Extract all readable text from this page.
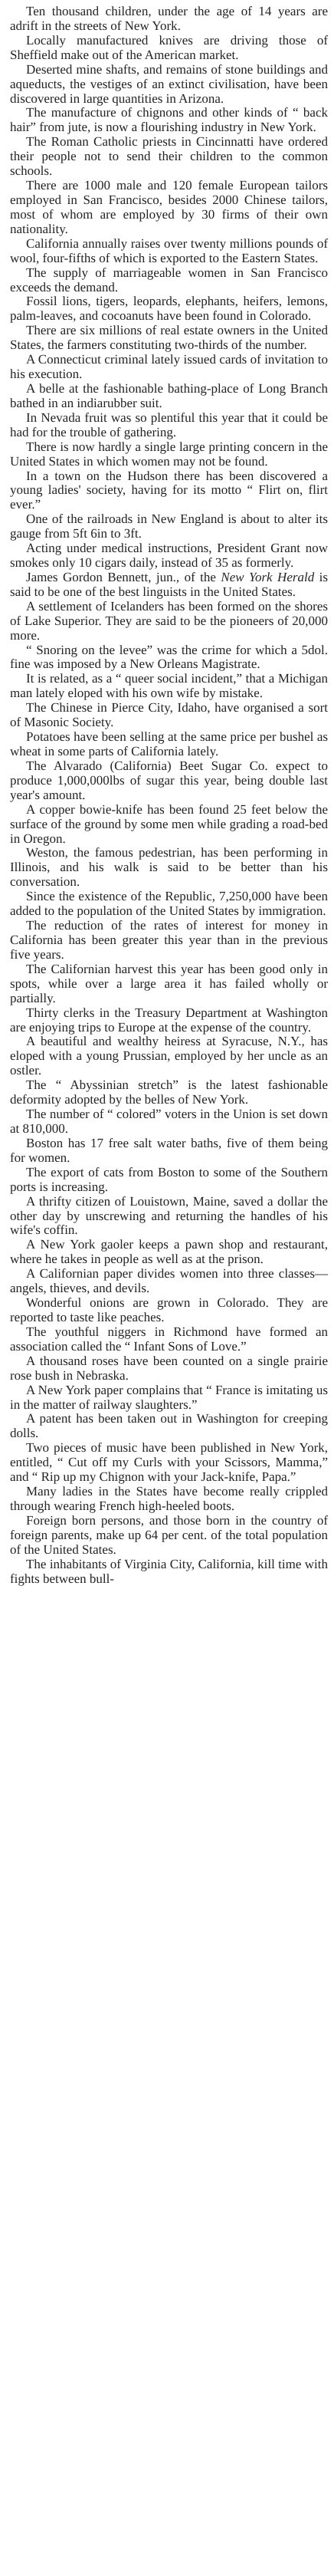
Ten thousand children, under the age of 14 years are adrift in the streets of New York.

Locally manufactured knives are driving those of Sheffield make out of the American market.

Deserted mine shafts, and remains of stone buildings and aqueducts, the vestiges of an extinct civilisation, have been discovered in large quantities in Arizona.

The manufacture of chignons and other kinds of “ back hair” from jute, is now a flourishing industry in New York.

The Roman Catholic priests in Cincinnatti have ordered their people not to send their children to the common schools.

There are 1000 male and 120 female European tailors employed in San Francisco, besides 2000 Chinese tailors, most of whom are employed by 30 firms of their own nationality.

California annually raises over twenty millions pounds of wool, four-fifths of which is exported to the Eastern States.

The supply of marriageable women in San Francisco exceeds the demand.

Fossil lions, tigers, leopards, elephants, heifers, lemons, palm-leaves, and cocoanuts have been found in Colorado.

There are six millions of real estate owners in the United States, the farmers constituting two-thirds of the number.

A Connecticut criminal lately issued cards of invitation to his execution.

A belle at the fashionable bathing-place of Long Branch bathed in an indiarubber suit.

In Nevada fruit was so plentiful this year that it could be had for the trouble of gathering.

There is now hardly a single large printing concern in the United States in which women may not be found.

In a town on the Hudson there has been discovered a young ladies' society, having for its motto “ Flirt on, flirt ever.”

One of the railroads in New England is about to alter its gauge from 5ft 6in to 3ft.

Acting under medical instructions, President Grant now smokes only 10 cigars daily, instead of 35 as formerly.

James Gordon Bennett, jun., of the New York Herald is said to be one of the best linguists in the United States.

A settlement of Icelanders has been formed on the shores of Lake Superior. They are said to be the pioneers of 20,000 more.

“ Snoring on the levee” was the crime for which a 5dol. fine was imposed by a New Orleans Magistrate.

It is related, as a “ queer social incident,” that a Michigan man lately eloped with his own wife by mistake.

The Chinese in Pierce City, Idaho, have organised a sort of Masonic Society.

Potatoes have been selling at the same price per bushel as wheat in some parts of California lately.

The Alvarado (California) Beet Sugar Co. expect to produce 1,000,000lbs of sugar this year, being double last year's amount.

A copper bowie-knife has been found 25 feet below the surface of the ground by some men while grading a road-bed in Oregon.

Weston, the famous pedestrian, has been performing in Illinois, and his walk is said to be better than his conversation.

Since the existence of the Republic, 7,250,000 have been added to the population of the United States by immigration.

The reduction of the rates of interest for money in California has been greater this year than in the previous five years.

The Californian harvest this year has been good only in spots, while over a large area it has failed wholly or partially.

Thirty clerks in the Treasury Department at Washington are enjoying trips to Europe at the expense of the country.

A beautiful and wealthy heiress at Syracuse, N.Y., has eloped with a young Prussian, employed by her uncle as an ostler.

The “ Abyssinian stretch” is the latest fashionable deformity adopted by the belles of New York.

The number of “ colored” voters in the Union is set down at 810,000.

Boston has 17 free salt water baths, five of them being for women.

The export of cats from Boston to some of the Southern ports is increasing.

A thrifty citizen of Louistown, Maine, saved a dollar the other day by unscrewing and returning the handles of his wife's coffin.

A New York gaoler keeps a pawn shop and restaurant, where he takes in people as well as at the prison.

A Californian paper divides women into three classes—angels, thieves, and devils.

Wonderful onions are grown in Colorado. They are reported to taste like peaches.

The youthful niggers in Richmond have formed an association called the “ Infant Sons of Love.”

A thousand roses have been counted on a single prairie rose bush in Nebraska.

A New York paper complains that “ France is imitating us in the matter of railway slaughters.”

A patent has been taken out in Washington for creeping dolls.

Two pieces of music have been published in New York, entitled, “ Cut off my Curls with your Scissors, Mamma,” and “ Rip up my Chignon with your Jack-knife, Papa.”

Many ladies in the States have become really crippled through wearing French high-heeled boots.

Foreign born persons, and those born in the country of foreign parents, make up 64 per cent. of the total population of the United States.

The inhabitants of Virginia City, California, kill time with fights between bull-
